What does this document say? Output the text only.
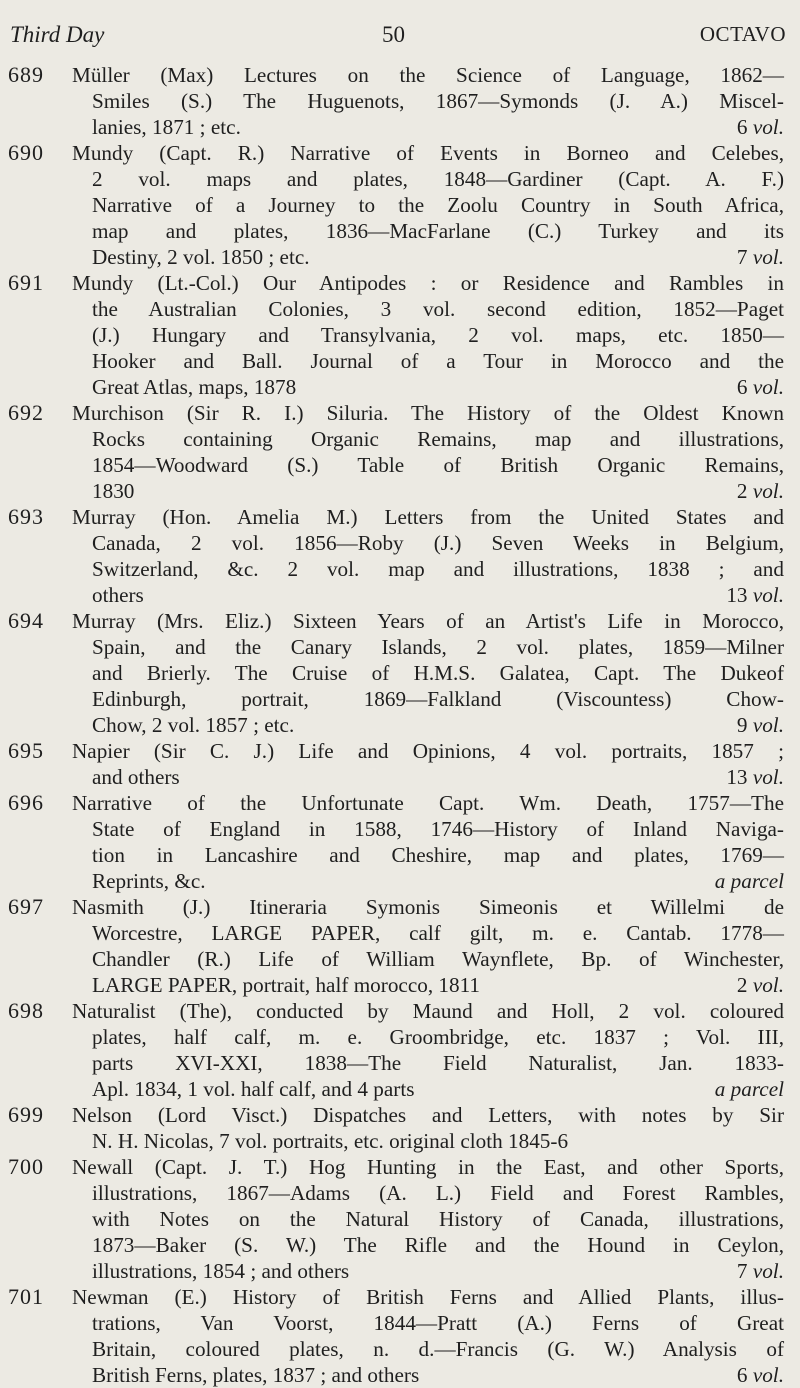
Third Day	50	OCTAVO
689 Müller (Max) Lectures on the Science of Language, 1862—
Smiles (S.) The Huguenots, 1867—Symonds (J. A.) Miscel-
lanies, 1871 ; etc.	6 vol.
690 Mundy (Capt. R.) Narrative of Events in Borneo and Celebes,
2 vol. maps and plates, 1848—Gardiner (Capt. A. F.)
Narrative of a Journey to the Zoolu Country in South Africa,
map and plates, 1836—MacFarlane (C.) Turkey and its
Destiny, 2 vol. 1850 ; etc.	7 vol.
691 Mundy (Lt.-Col.) Our Antipodes : or Residence and Rambles in
the Australian Colonies, 3 vol. second edition, 1852—Paget
(J.) Hungary and Transylvania, 2 vol. maps, etc. 1850—
Hooker and Ball. Journal of a Tour in Morocco and the
Great Atlas, maps, 1878	6 vol.
692 Murchison (Sir R. I.) Siluria. The History of the Oldest Known
Rocks containing Organic Remains, map and illustrations,
1854—Woodward (S.) Table of British Organic Remains,
1830	2 vol.
693 Murray (Hon. Amelia M.) Letters from the United States and
Canada, 2 vol. 1856—Roby (J.) Seven Weeks in Belgium,
Switzerland, &c. 2 vol. map and illustrations, 1838 ; and
others	13 vol.
694 Murray (Mrs. Eliz.) Sixteen Years of an Artist's Life in Morocco,
Spain, and the Canary Islands, 2 vol. plates, 1859—Milner
and Brierly. The Cruise of H.M.S. Galatea, Capt. The Dukeof
Edinburgh, portrait, 1869—Falkland (Viscountess) Chow-
Chow, 2 vol. 1857 ; etc.	9 vol.
695 Napier (Sir C. J.) Life and Opinions, 4 vol. portraits, 1857 ;
and others	13 vol.
696 Narrative of the Unfortunate Capt. Wm. Death, 1757—The
State of England in 1588, 1746—History of Inland Naviga-
tion in Lancashire and Cheshire, map and plates, 1769—
Reprints, &c.	a parcel
697 Nasmith (J.) Itineraria Symonis Simeonis et Willelmi de
Worcestre, LARGE PAPER, calf gilt, m. e. Cantab. 1778—
Chandler (R.) Life of William Waynflete, Bp. of Winchester,
LARGE PAPER, portrait, half morocco, 1811	2 vol.
698 Naturalist (The), conducted by Maund and Holl, 2 vol. coloured
plates, half calf, m. e. Groombridge, etc. 1837 ; Vol. III,
parts XVI-XXI, 1838—The Field Naturalist, Jan. 1833-
Apl. 1834, 1 vol. half calf, and 4 parts	a parcel
699 Nelson (Lord Visct.) Dispatches and Letters, with notes by Sir
N. H. Nicolas, 7 vol. portraits, etc. original cloth 1845-6
700 Newall (Capt. J. T.) Hog Hunting in the East, and other Sports,
illustrations, 1867—Adams (A. L.) Field and Forest Rambles,
with Notes on the Natural History of Canada, illustrations,
1873—Baker (S. W.) The Rifle and the Hound in Ceylon,
illustrations, 1854 ; and others	7 vol.
701 Newman (E.) History of British Ferns and Allied Plants, illus-
trations, Van Voorst, 1844—Pratt (A.) Ferns of Great
Britain, coloured plates, n. d.—Francis (G. W.) Analysis of
British Ferns, plates, 1837 ; and others	6 vol.
